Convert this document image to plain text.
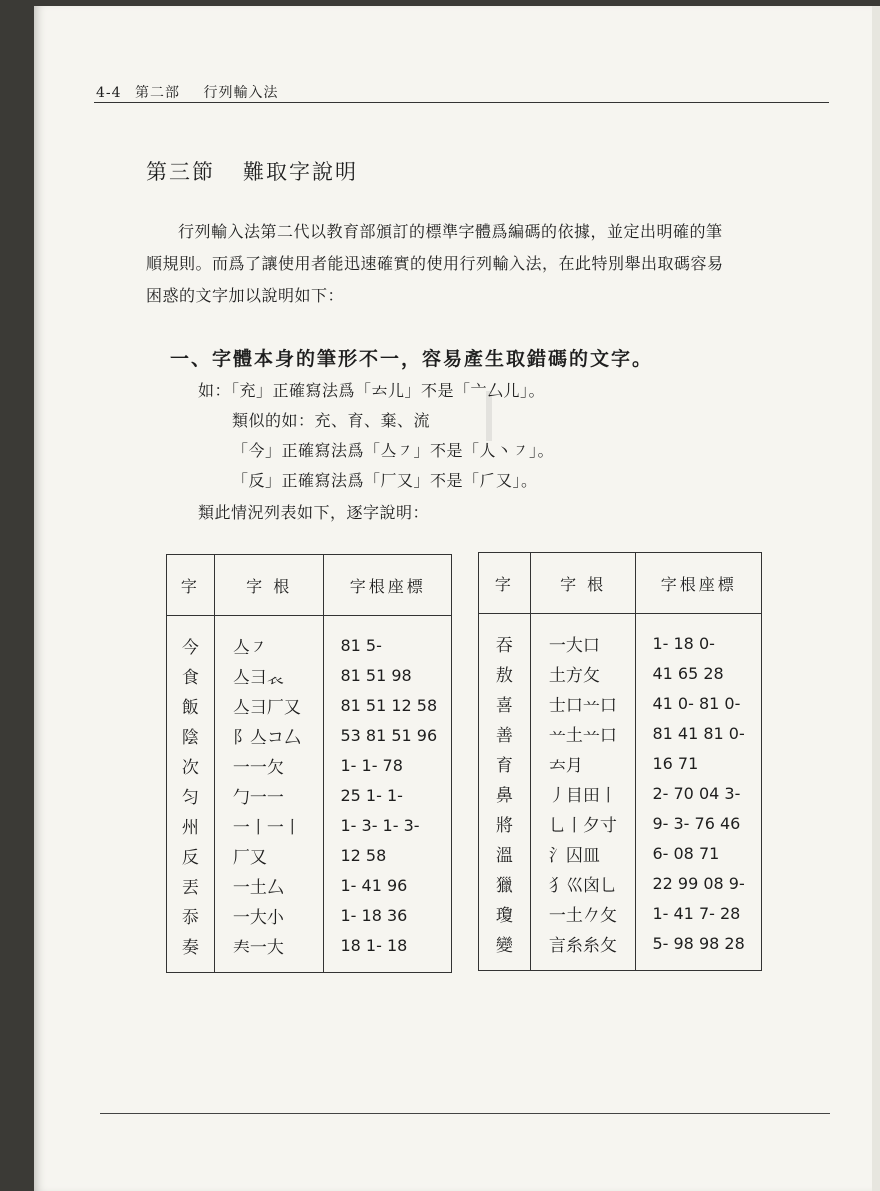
4-4 第二部 行列輸入法
第三節 難取字說明

行列輸入法第二代以教育部頒訂的標準字體爲編碼的依據，並定出明確的筆

順規則。而爲了讓使用者能迅速確實的使用行列輸入法，在此特別舉出取碼容易

困惑的文字加以說明如下：

一、字體本身的筆形不一，容易產生取錯碼的文字。
如：「充」正確寫法爲「𠫓儿」不是「亠厶儿」。
類似的如：充、育、棄、流
「今」正確寫法爲「亼㇇」不是「人丶㇇」。
「反」正確寫法爲「厂又」不是「𠂆又」。
類此情況列表如下，逐字說明：
字	字 根	字根座標
今	亼㇇	81 5-
食	亼彐𧘇	81 51 98
飯	亼彐厂又	81 51 12 58
陰	阝亼コ厶	53 81 51 96
次	一一欠	1- 1- 78
匀	勹一一	25 1- 1-
州	一丨一丨	1- 3- 1- 3-
反	厂又	12 58
丟	一土厶	1- 41 96
忝	一大小	1- 18 36
奏	𡗗一大	18 1- 18
字	字 根	字根座標
吞	一大口	1- 18 0-
敖	土方攵	41 65 28
喜	士口䒑口	41 0- 81 0-
善	䒑土䒑口	81 41 81 0-
育	𠫓月	16 71
鼻	丿目田丨	2- 70 04 3-
將	乚丨夕寸	9- 3- 76 46
溫	氵囚皿	6- 08 71
獵	犭巛囟乚	22 99 08 9-
瓊	一土𠂊攵	1- 41 7- 28
變	言糸糸攵	5- 98 98 28
